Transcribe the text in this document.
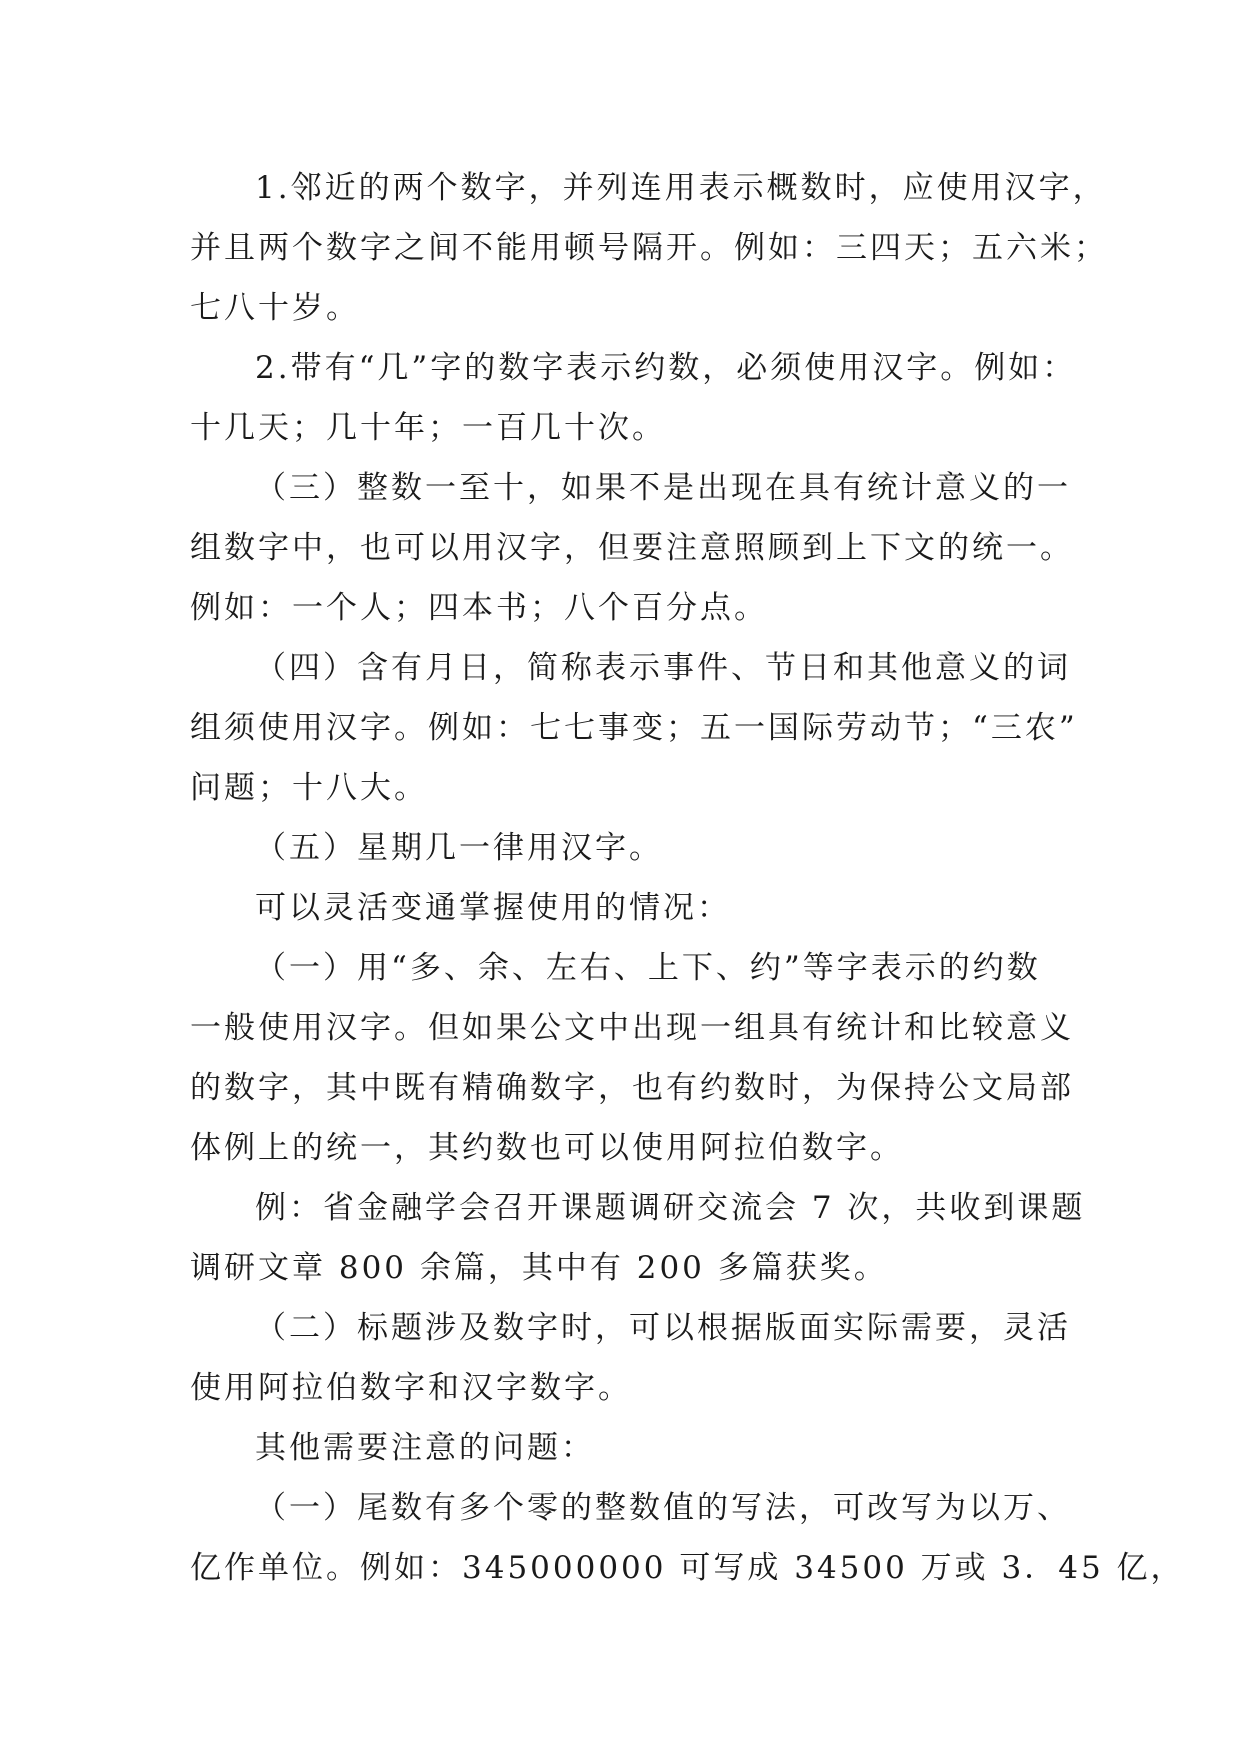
1.邻近的两个数字，并列连用表示概数时，应使用汉字，
并且两个数字之间不能用顿号隔开。例如：三四天；五六米；
七八十岁。
2.带有“几”字的数字表示约数，必须使用汉字。例如：
十几天；几十年；一百几十次。
（三）整数一至十，如果不是出现在具有统计意义的一
组数字中，也可以用汉字，但要注意照顾到上下文的统一。
例如：一个人；四本书；八个百分点。
（四）含有月日，简称表示事件、节日和其他意义的词
组须使用汉字。例如：七七事变；五一国际劳动节；“三农”
问题；十八大。
（五）星期几一律用汉字。
可以灵活变通掌握使用的情况：
（一）用“多、余、左右、上下、约”等字表示的约数
一般使用汉字。但如果公文中出现一组具有统计和比较意义
的数字，其中既有精确数字，也有约数时，为保持公文局部
体例上的统一，其约数也可以使用阿拉伯数字。
例：省金融学会召开课题调研交流会 7 次，共收到课题
调研文章 800 余篇，其中有 200 多篇获奖。
（二）标题涉及数字时，可以根据版面实际需要，灵活
使用阿拉伯数字和汉字数字。
其他需要注意的问题：
（一）尾数有多个零的整数值的写法，可改写为以万、
亿作单位。例如：345000000 可写成 34500 万或 3．45 亿，
